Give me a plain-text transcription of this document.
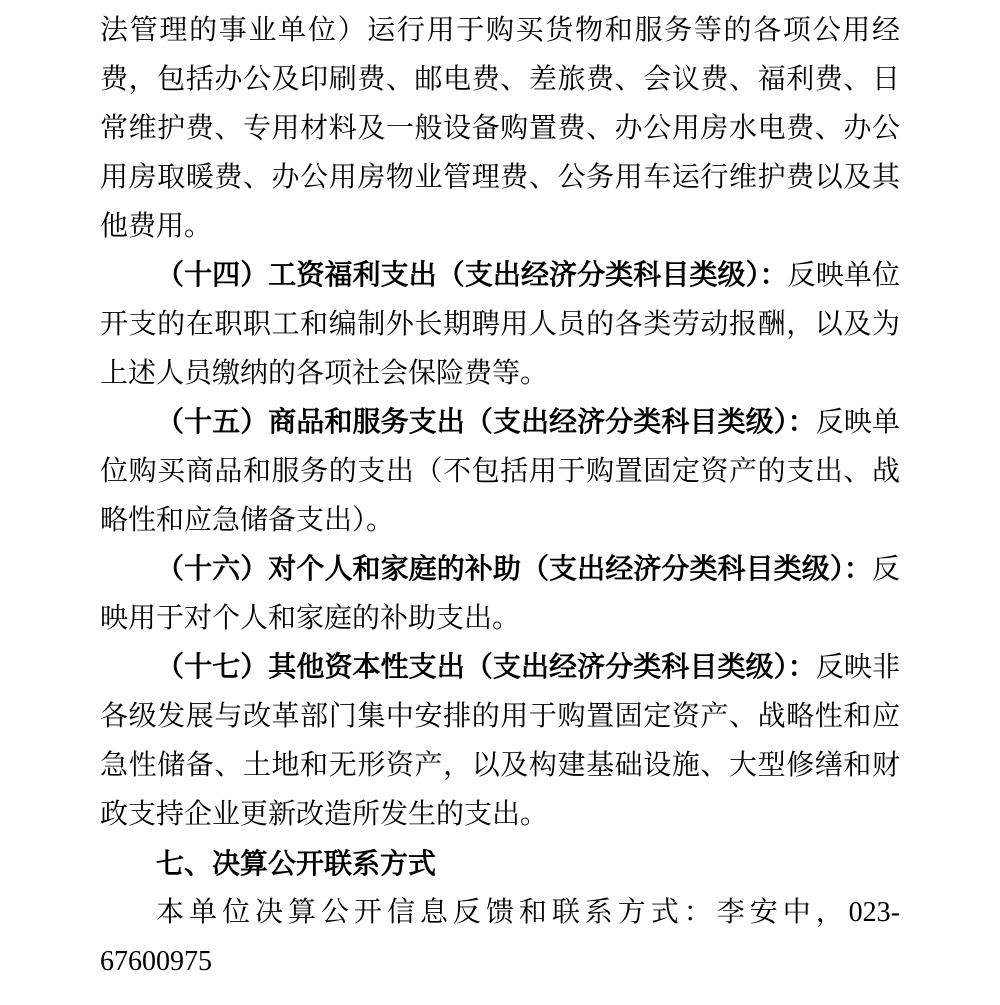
法管理的事业单位）运行用于购买货物和服务等的各项公用经费，包括办公及印刷费、邮电费、差旅费、会议费、福利费、日常维护费、专用材料及一般设备购置费、办公用房水电费、办公用房取暖费、办公用房物业管理费、公务用车运行维护费以及其他费用。

（十四）工资福利支出（支出经济分类科目类级）：反映单位开支的在职职工和编制外长期聘用人员的各类劳动报酬，以及为上述人员缴纳的各项社会保险费等。

（十五）商品和服务支出（支出经济分类科目类级）：反映单位购买商品和服务的支出（不包括用于购置固定资产的支出、战略性和应急储备支出）。

（十六）对个人和家庭的补助（支出经济分类科目类级）：反映用于对个人和家庭的补助支出。

（十七）其他资本性支出（支出经济分类科目类级）：反映非各级发展与改革部门集中安排的用于购置固定资产、战略性和应急性储备、土地和无形资产，以及构建基础设施、大型修缮和财政支持企业更新改造所发生的支出。

七、决算公开联系方式

本单位决算公开信息反馈和联系方式：李安中，023-67600975
